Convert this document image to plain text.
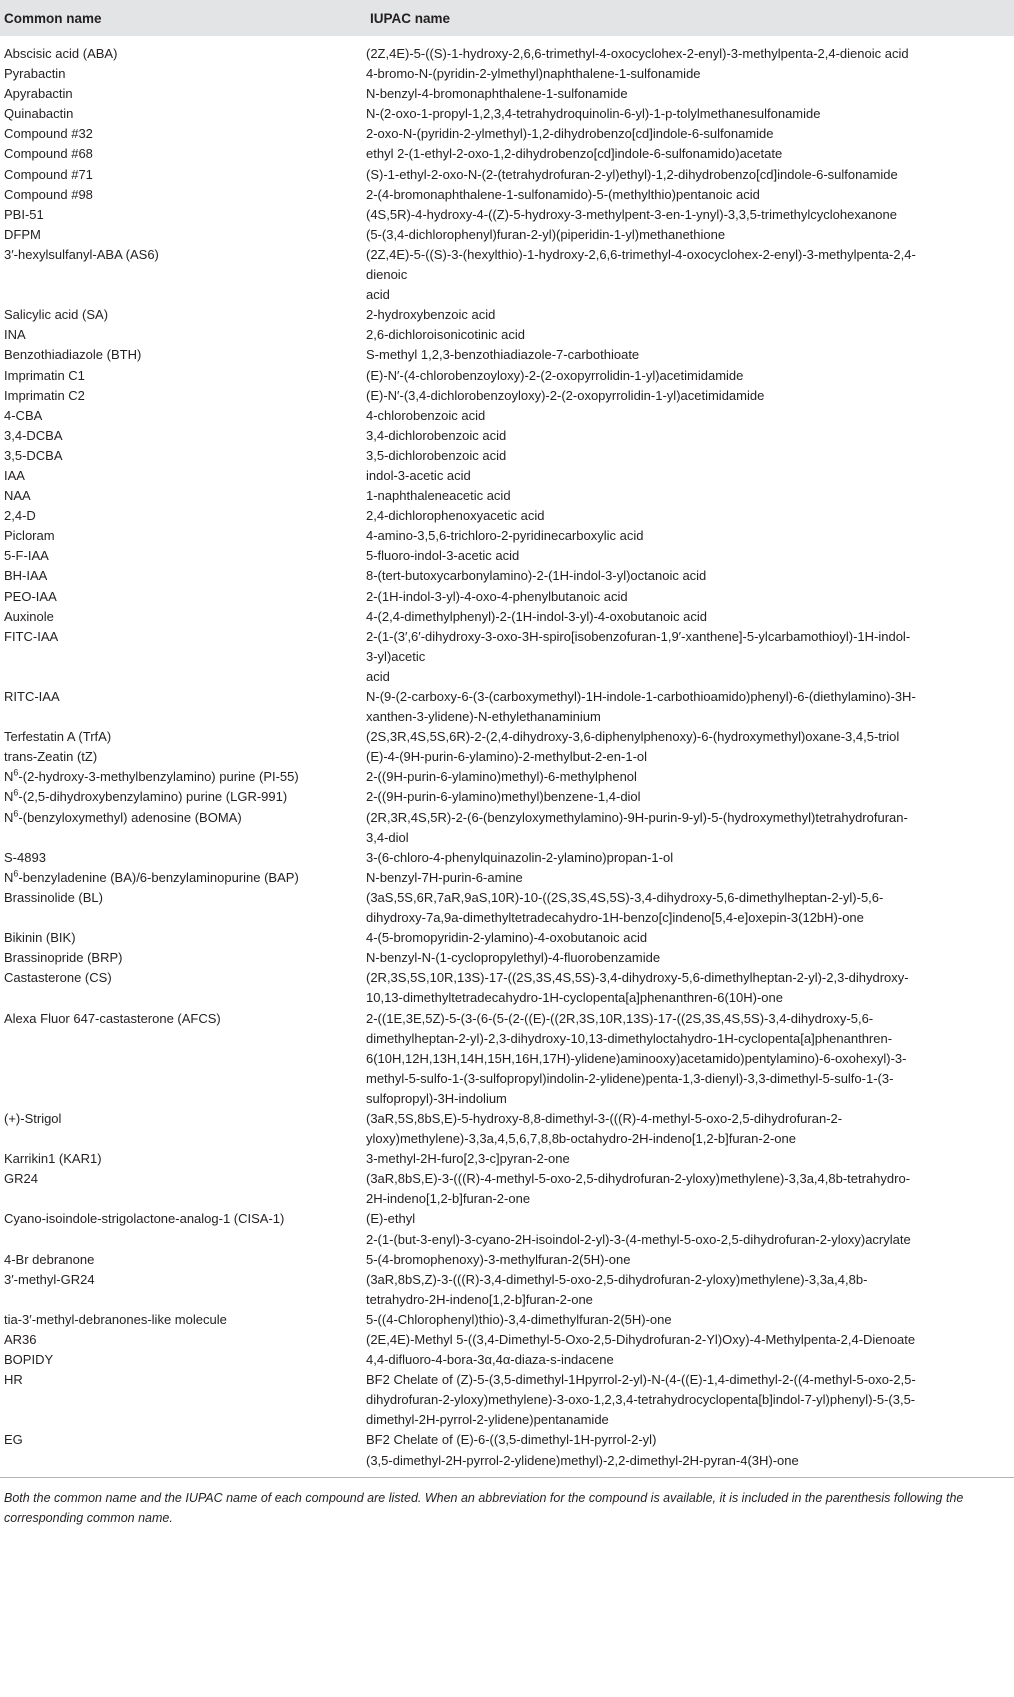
Common name	IUPAC name
Abscisic acid (ABA)	(2Z,4E)-5-((S)-1-hydroxy-2,6,6-trimethyl-4-oxocyclohex-2-enyl)-3-methylpenta-2,4-dienoic acid
Pyrabactin	4-bromo-N-(pyridin-2-ylmethyl)naphthalene-1-sulfonamide
Apyrabactin	N-benzyl-4-bromonaphthalene-1-sulfonamide
Quinabactin	N-(2-oxo-1-propyl-1,2,3,4-tetrahydroquinolin-6-yl)-1-p-tolylmethanesulfonamide
Compound #32	2-oxo-N-(pyridin-2-ylmethyl)-1,2-dihydrobenzo[cd]indole-6-sulfonamide
Compound #68	ethyl 2-(1-ethyl-2-oxo-1,2-dihydrobenzo[cd]indole-6-sulfonamido)acetate
Compound #71	(S)-1-ethyl-2-oxo-N-(2-(tetrahydrofuran-2-yl)ethyl)-1,2-dihydrobenzo[cd]indole-6-sulfonamide
Compound #98	2-(4-bromonaphthalene-1-sulfonamido)-5-(methylthio)pentanoic acid
PBI-51	(4S,5R)-4-hydroxy-4-((Z)-5-hydroxy-3-methylpent-3-en-1-ynyl)-3,3,5-trimethylcyclohexanone
DFPM	(5-(3,4-dichlorophenyl)furan-2-yl)(piperidin-1-yl)methanethione
3′-hexylsulfanyl-ABA (AS6)	(2Z,4E)-5-((S)-3-(hexylthio)-1-hydroxy-2,6,6-trimethyl-4-oxocyclohex-2-enyl)-3-methylpenta-2,4-
dienoic
acid
Salicylic acid (SA)	2-hydroxybenzoic acid
INA	2,6-dichloroisonicotinic acid
Benzothiadiazole (BTH)	S-methyl 1,2,3-benzothiadiazole-7-carbothioate
Imprimatin C1	(E)-N′-(4-chlorobenzoyloxy)-2-(2-oxopyrrolidin-1-yl)acetimidamide
Imprimatin C2	(E)-N′-(3,4-dichlorobenzoyloxy)-2-(2-oxopyrrolidin-1-yl)acetimidamide
4-CBA	4-chlorobenzoic acid
3,4-DCBA	3,4-dichlorobenzoic acid
3,5-DCBA	3,5-dichlorobenzoic acid
IAA	indol-3-acetic acid
NAA	1-naphthaleneacetic acid
2,4-D	2,4-dichlorophenoxyacetic acid
Picloram	4-amino-3,5,6-trichloro-2-pyridinecarboxylic acid
5-F-IAA	5-fluoro-indol-3-acetic acid
BH-IAA	8-(tert-butoxycarbonylamino)-2-(1H-indol-3-yl)octanoic acid
PEO-IAA	2-(1H-indol-3-yl)-4-oxo-4-phenylbutanoic acid
Auxinole	4-(2,4-dimethylphenyl)-2-(1H-indol-3-yl)-4-oxobutanoic acid
FITC-IAA	2-(1-(3′,6′-dihydroxy-3-oxo-3H-spiro[isobenzofuran-1,9′-xanthene]-5-ylcarbamothioyl)-1H-indol-
3-yl)acetic
acid
RITC-IAA	N-(9-(2-carboxy-6-(3-(carboxymethyl)-1H-indole-1-carbothioamido)phenyl)-6-(diethylamino)-3H-
xanthen-3-ylidene)-N-ethylethanaminium
Terfestatin A (TrfA)	(2S,3R,4S,5S,6R)-2-(2,4-dihydroxy-3,6-diphenylphenoxy)-6-(hydroxymethyl)oxane-3,4,5-triol
trans-Zeatin (tZ)	(E)-4-(9H-purin-6-ylamino)-2-methylbut-2-en-1-ol
$N^6-(2-hydroxy-3-methylbenzylamino)$ purine (PI-55)	2-((9H-purin-6-ylamino)methyl)-6-methylphenol
$N^6-(2,5-dihydroxybenzylamino)$ purine (LGR-991)	2-((9H-purin-6-ylamino)methyl)benzene-1,4-diol
$N^6-(benzyloxymethyl)$ adenosine (BOMA)	(2R,3R,4S,5R)-2-(6-(benzyloxymethylamino)-9H-purin-9-yl)-5-(hydroxymethyl)tetrahydrofuran-
3,4-diol
S-4893	3-(6-chloro-4-phenylquinazolin-2-ylamino)propan-1-ol
$N^6$-benzyladenine (BA)/6-benzylaminopurine (BAP)	N-benzyl-7H-purin-6-amine
Brassinolide (BL)	(3aS,5S,6R,7aR,9aS,10R)-10-((2S,3S,4S,5S)-3,4-dihydroxy-5,6-dimethylheptan-2-yl)-5,6-
dihydroxy-7a,9a-dimethyltetradecahydro-1H-benzo[c]indeno[5,4-e]oxepin-3(12bH)-one
Bikinin (BIK)	4-(5-bromopyridin-2-ylamino)-4-oxobutanoic acid
Brassinopride (BRP)	N-benzyl-N-(1-cyclopropylethyl)-4-fluorobenzamide
Castasterone (CS)	(2R,3S,5S,10R,13S)-17-((2S,3S,4S,5S)-3,4-dihydroxy-5,6-dimethylheptan-2-yl)-2,3-dihydroxy-
10,13-dimethyltetradecahydro-1H-cyclopenta[a]phenanthren-6(10H)-one
Alexa Fluor 647-castasterone (AFCS)	2-((1E,3E,5Z)-5-(3-(6-(5-(2-((E)-((2R,3S,10R,13S)-17-((2S,3S,4S,5S)-3,4-dihydroxy-5,6-
dimethylheptan-2-yl)-2,3-dihydroxy-10,13-dimethyloctahydro-1H-cyclopenta[a]phenanthren-
6(10H,12H,13H,14H,15H,16H,17H)-ylidene)aminooxy)acetamido)pentylamino)-6-oxohexyl)-3-
methyl-5-sulfo-1-(3-sulfopropyl)indolin-2-ylidene)penta-1,3-dienyl)-3,3-dimethyl-5-sulfo-1-(3-
sulfopropyl)-3H-indolium
(+)-Strigol	(3aR,5S,8bS,E)-5-hydroxy-8,8-dimethyl-3-(((R)-4-methyl-5-oxo-2,5-dihydrofuran-2-
yloxy)methylene)-3,3a,4,5,6,7,8,8b-octahydro-2H-indeno[1,2-b]furan-2-one
Karrikin1 (KAR1)	3-methyl-2H-furo[2,3-c]pyran-2-one
GR24	(3aR,8bS,E)-3-(((R)-4-methyl-5-oxo-2,5-dihydrofuran-2-yloxy)methylene)-3,3a,4,8b-tetrahydro-
2H-indeno[1,2-b]furan-2-one
Cyano-isoindole-strigolactone-analog-1 (CISA-1)	(E)-ethyl
2-(1-(but-3-enyl)-3-cyano-2H-isoindol-2-yl)-3-(4-methyl-5-oxo-2,5-dihydrofuran-2-yloxy)acrylate
4-Br debranone	5-(4-bromophenoxy)-3-methylfuran-2(5H)-one
3′-methyl-GR24	(3aR,8bS,Z)-3-(((R)-3,4-dimethyl-5-oxo-2,5-dihydrofuran-2-yloxy)methylene)-3,3a,4,8b-
tetrahydro-2H-indeno[1,2-b]furan-2-one
tia-3′-methyl-debranones-like molecule	5-((4-Chlorophenyl)thio)-3,4-dimethylfuran-2(5H)-one
AR36	(2E,4E)-Methyl 5-((3,4-Dimethyl-5-Oxo-2,5-Dihydrofuran-2-Yl)Oxy)-4-Methylpenta-2,4-Dienoate
BOPIDY	4,4-difluoro-4-bora-3α,4α-diaza-s-indacene
HR	BF2 Chelate of (Z)-5-(3,5-dimethyl-1Hpyrrol-2-yl)-N-(4-((E)-1,4-dimethyl-2-((4-methyl-5-oxo-2,5-
dihydrofuran-2-yloxy)methylene)-3-oxo-1,2,3,4-tetrahydrocyclopenta[b]indol-7-yl)phenyl)-5-(3,5-
dimethyl-2H-pyrrol-2-ylidene)pentanamide
EG	BF2 Chelate of (E)-6-((3,5-dimethyl-1H-pyrrol-2-yl)
(3,5-dimethyl-2H-pyrrol-2-ylidene)methyl)-2,2-dimethyl-2H-pyran-4(3H)-one
Both the common name and the IUPAC name of each compound are listed. When an abbreviation for the compound is available, it is included in the parenthesis following the corresponding common name.
